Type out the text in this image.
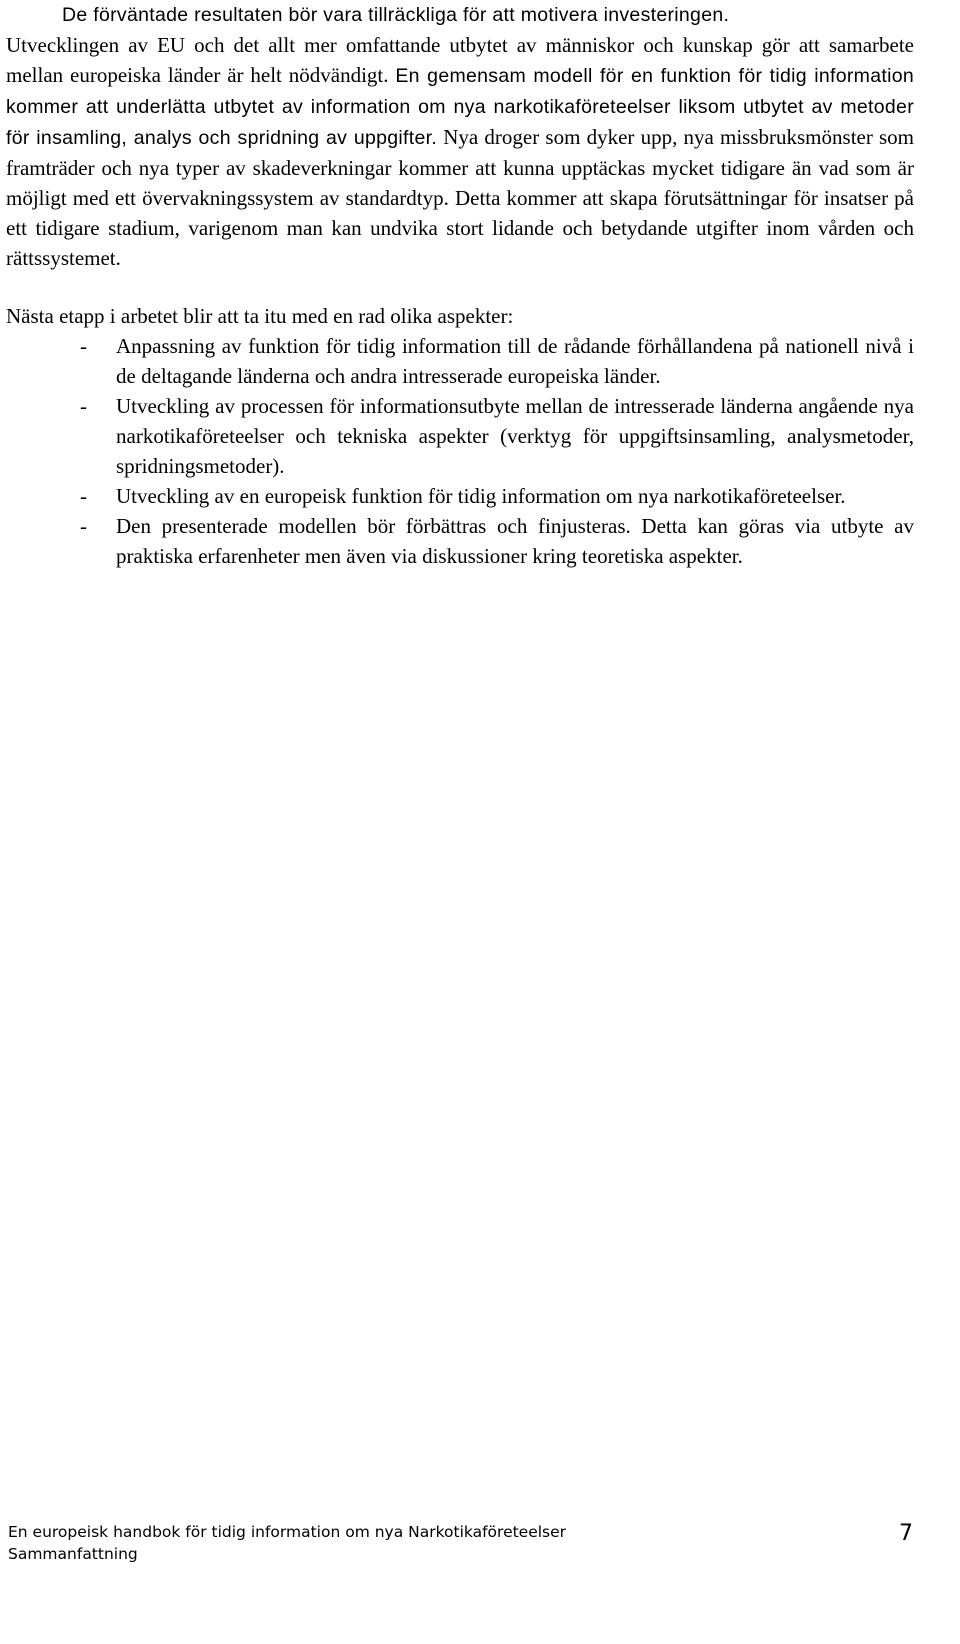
De förväntade resultaten bör vara tillräckliga för att motivera investeringen.
Utvecklingen av EU och det allt mer omfattande utbytet av människor och kunskap gör att samarbete mellan europeiska länder är helt nödvändigt. En gemensam modell för en funktion för tidig information kommer att underlätta utbytet av information om nya narkotikaföreteelser liksom utbytet av metoder för insamling, analys och spridning av uppgifter. Nya droger som dyker upp, nya missbruksmönster som framträder och nya typer av skadeverkningar kommer att kunna upptäckas mycket tidigare än vad som är möjligt med ett övervakningssystem av standardtyp. Detta kommer att skapa förutsättningar för insatser på ett tidigare stadium, varigenom man kan undvika stort lidande och betydande utgifter inom vården och rättssystemet.

Nästa etapp i arbetet blir att ta itu med en rad olika aspekter:

- Anpassning av funktion för tidig information till de rådande förhållandena på nationell nivå i de deltagande länderna och andra intresserade europeiska länder.
- Utveckling av processen för informationsutbyte mellan de intresserade länderna angående nya narkotikaföreteelser och tekniska aspekter (verktyg för uppgiftsinsamling, analysmetoder, spridningsmetoder).
- Utveckling av en europeisk funktion för tidig information om nya narkotikaföreteelser.
- Den presenterade modellen bör förbättras och finjusteras. Detta kan göras via utbyte av praktiska erfarenheter men även via diskussioner kring teoretiska aspekter.
En europeisk handbok för tidig information om nya Narkotikaföreteelser
Sammanfattning
7
